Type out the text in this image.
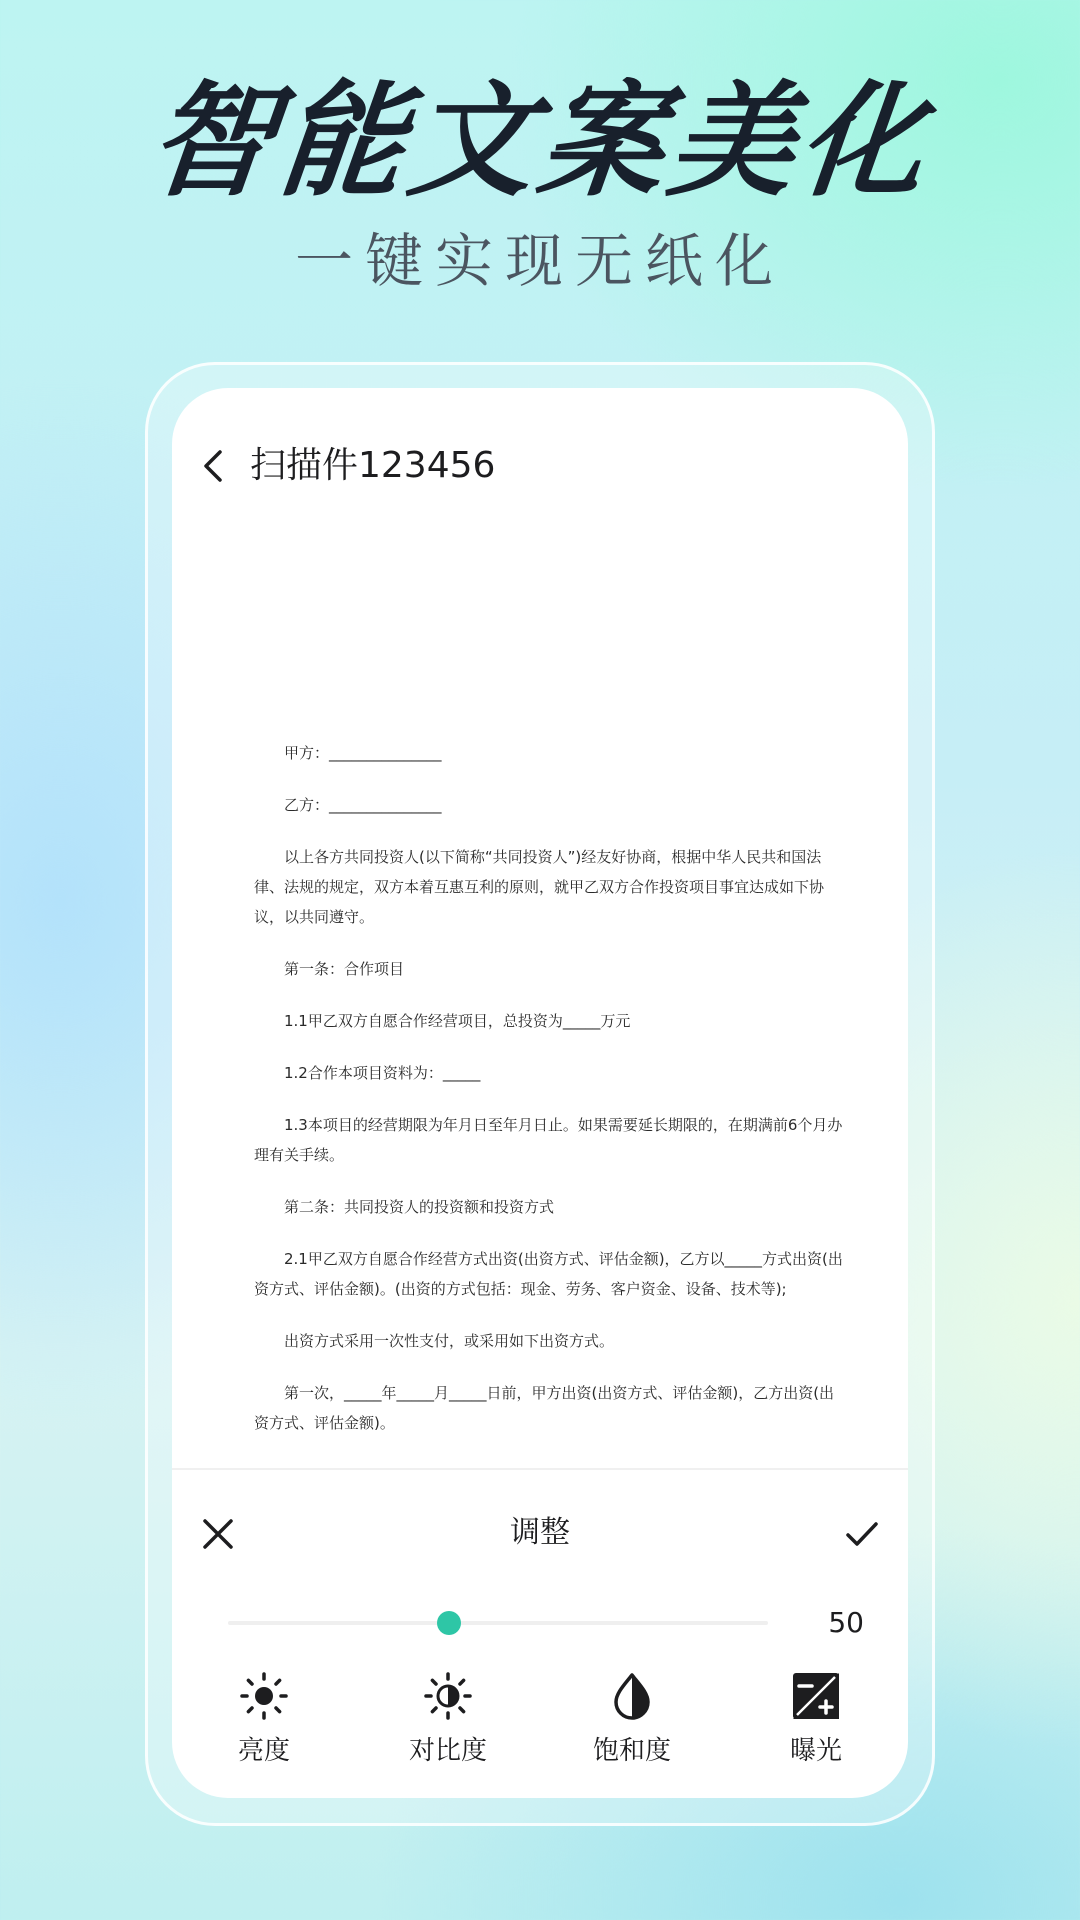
智能文案美化
一键实现无纸化
扫描件123456

甲方：_______________

乙方：_______________

以上各方共同投资人(以下简称“共同投资人”)经友好协商，根据中华人民共和国法律、法规的规定，双方本着互惠互利的原则，就甲乙双方合作投资项目事宜达成如下协议，以共同遵守。

第一条：合作项目

1.1甲乙双方自愿合作经营项目，总投资为_____万元

1.2合作本项目资料为：_____

1.3本项目的经营期限为年月日至年月日止。如果需要延长期限的，在期满前6个月办理有关手续。

第二条：共同投资人的投资额和投资方式

2.1甲乙双方自愿合作经营方式出资(出资方式、评估金额)，乙方以_____方式出资(出资方式、评估金额)。(出资的方式包括：现金、劳务、客户资金、设备、技术等);

出资方式采用一次性支付，或采用如下出资方式。

第一次，_____年_____月_____日前，甲方出资(出资方式、评估金额)，乙方出资(出资方式、评估金额)。

调整
50
亮度	对比度	饱和度	曝光
